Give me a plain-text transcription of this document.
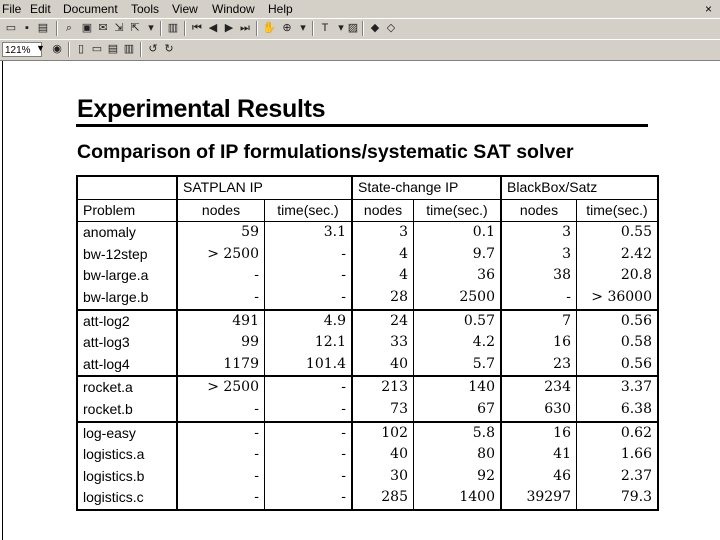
File Edit Document Tools View Window Help	×
▭ ▪ ▤	⌕ ▣ ✉ ⇲ ⇱ ▾	▥ ⏮ ◀ ▶ ⏭ ✋ ⊕ ▾	T ▾ ▨ ◆ ◇
121% ▼ ◉	▯ ▭ ▤ ▥ ↺ ↻
Experimental Results
Comparison of IP formulations/systematic SAT solver
	SATPLAN IP		State-change IP		BlackBox/Satz	
Problem	nodes	time(sec.)	nodes	time(sec.)	nodes	time(sec.)
anomaly	59	3.1	3	0.1	3	0.55
bw-12step	> 2500	-	4	9.7	3	2.42
bw-large.a	-	-	4	36	38	20.8
bw-large.b	-	-	28	2500	-	> 36000
att-log2	491	4.9	24	0.57	7	0.56
att-log3	99	12.1	33	4.2	16	0.58
att-log4	1179	101.4	40	5.7	23	0.56
rocket.a	> 2500	-	213	140	234	3.37
rocket.b	-	-	73	67	630	6.38
log-easy	-	-	102	5.8	16	0.62
logistics.a	-	-	40	80	41	1.66
logistics.b	-	-	30	92	46	2.37
logistics.c	-	-	285	1400	39297	79.3
